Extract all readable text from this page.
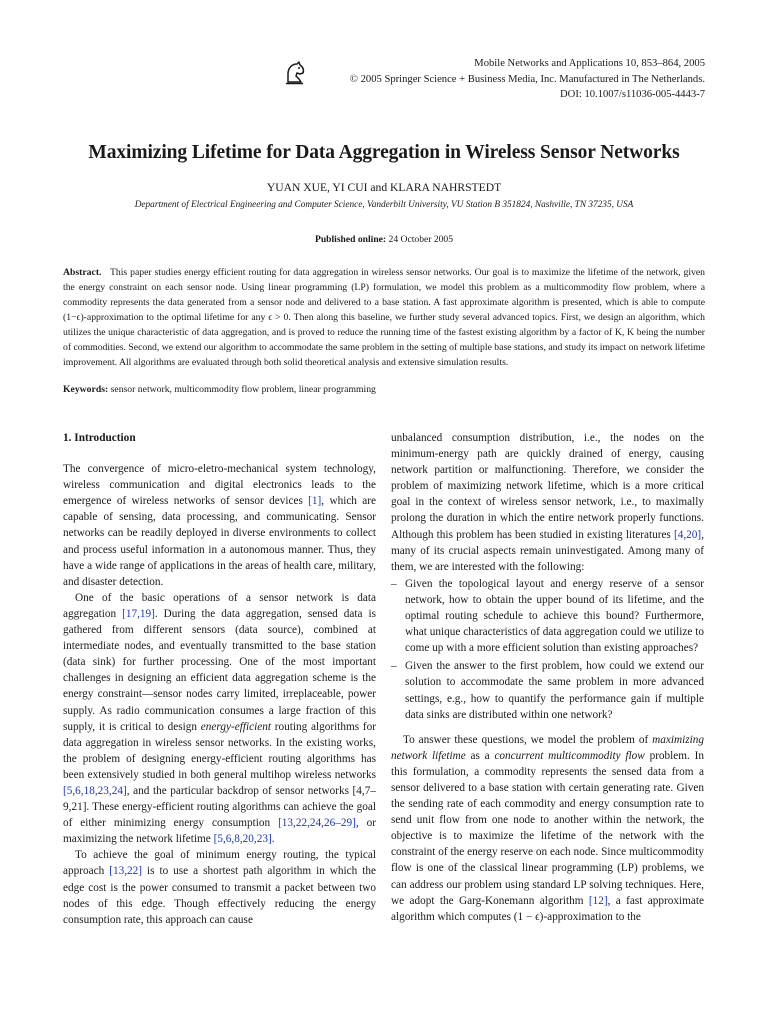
Mobile Networks and Applications 10, 853–864, 2005
© 2005 Springer Science + Business Media, Inc. Manufactured in The Netherlands.
DOI: 10.1007/s11036-005-4443-7
Maximizing Lifetime for Data Aggregation in Wireless Sensor Networks
YUAN XUE, YI CUI and KLARA NAHRSTEDT
Department of Electrical Engineering and Computer Science, Vanderbilt University, VU Station B 351824, Nashville, TN 37235, USA
Published online: 24 October 2005
Abstract. This paper studies energy efficient routing for data aggregation in wireless sensor networks. Our goal is to maximize the lifetime of the network, given the energy constraint on each sensor node. Using linear programming (LP) formulation, we model this problem as a multicommodity flow problem, where a commodity represents the data generated from a sensor node and delivered to a base station. A fast approximate algorithm is presented, which is able to compute (1−ϵ)-approximation to the optimal lifetime for any ϵ > 0. Then along this baseline, we further study several advanced topics. First, we design an algorithm, which utilizes the unique characteristic of data aggregation, and is proved to reduce the running time of the fastest existing algorithm by a factor of K, K being the number of commodities. Second, we extend our algorithm to accommodate the same problem in the setting of multiple base stations, and study its impact on network lifetime improvement. All algorithms are evaluated through both solid theoretical analysis and extensive simulation results.
Keywords: sensor network, multicommodity flow problem, linear programming
1. Introduction

The convergence of micro-eletro-mechanical system technology, wireless communication and digital electronics leads to the emergence of wireless networks of sensor devices [1], which are capable of sensing, data processing, and communicating. Sensor networks can be readily deployed in diverse environments to collect and process useful information in a autonomous manner. Thus, they have a wide range of applications in the areas of health care, military, and disaster detection.

One of the basic operations of a sensor network is data aggregation [17,19]. During the data aggregation, sensed data is gathered from different sensors (data source), combined at intermediate nodes, and eventually transmitted to the base station (data sink) for further processing. One of the most important challenges in designing an efficient data aggregation scheme is the energy constraint—sensor nodes carry limited, irreplaceable, power supply. As radio communication consumes a large fraction of this supply, it is critical to design energy-efficient routing algorithms for data aggregation in wireless sensor networks. In the existing works, the problem of designing energy-efficient routing algorithms has been extensively studied in both general multihop wireless networks [5,6,18,23,24], and the particular backdrop of sensor networks [4,7–9,21]. These energy-efficient routing algorithms can achieve the goal of either minimizing energy consumption [13,22,24,26–29], or maximizing the network lifetime [5,6,8,20,23].

To achieve the goal of minimum energy routing, the typical approach [13,22] is to use a shortest path algorithm in which the edge cost is the power consumed to transmit a packet between two nodes of this edge. Though effectively reducing the energy consumption rate, this approach can cause

unbalanced consumption distribution, i.e., the nodes on the minimum-energy path are quickly drained of energy, causing network partition or malfunctioning. Therefore, we consider the problem of maximizing network lifetime, which is a more critical goal in the context of wireless sensor network, i.e., to maximally prolong the duration in which the entire network properly functions. Although this problem has been studied in existing literatures [4,20], many of its crucial aspects remain uninvestigated. Among many of them, we are interested with the following:

– Given the topological layout and energy reserve of a sensor network, how to obtain the upper bound of its lifetime, and the optimal routing schedule to achieve this bound? Furthermore, what unique characteristics of data aggregation could we utilize to come up with a more efficient solution than existing approaches?
– Given the answer to the first problem, how could we extend our solution to accommodate the same problem in more advanced settings, e.g., how to quantify the performance gain if multiple data sinks are distributed within one network?

To answer these questions, we model the problem of maximizing network lifetime as a concurrent multicommodity flow problem. In this formulation, a commodity represents the sensed data from a sensor delivered to a base station with certain generating rate. Given the sending rate of each commodity and energy consumption rate to send unit flow from one node to another within the network, the objective is to maximize the lifetime of the network with the constraint of the energy reserve on each node. Since multicommodity flow is one of the classical linear programming (LP) problems, we can address our problem using standard LP solving techniques. Here, we adopt the Garg-Konemann algorithm [12], a fast approximate algorithm which computes (1 − ϵ)-approximation to the
